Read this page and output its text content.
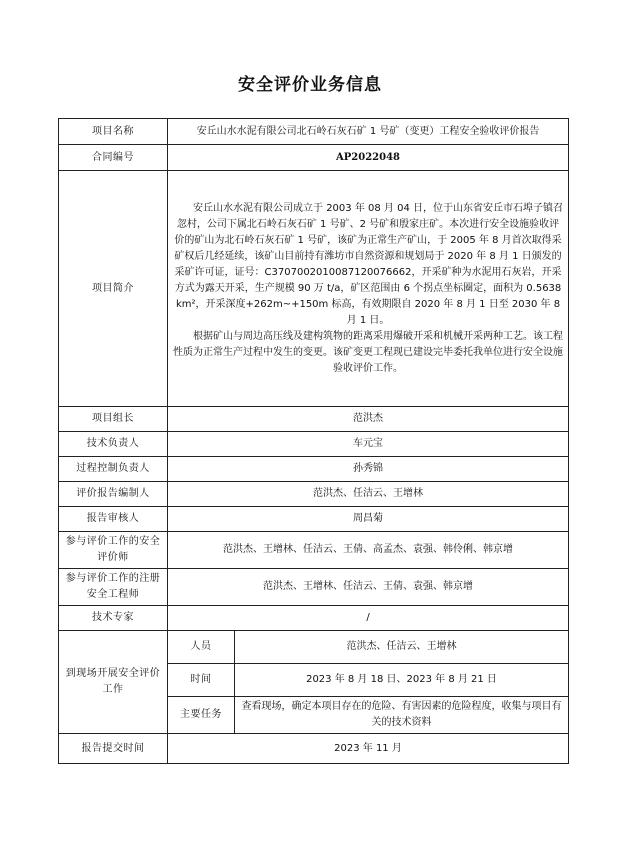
安全评价业务信息
项目名称	安丘山水水泥有限公司北石岭石灰石矿 1 号矿（变更）工程安全验收评价报告	
合同编号	AP2022048	
项目简介	安丘山水水泥有限公司成立于 2003 年 08 月 04 日，位于山东省安丘市石埠子镇召忽村，公司下属北石岭石灰石矿 1 号矿、2 号矿和殷家庄矿。本次进行安全设施验收评价的矿山为北石岭石灰石矿 1 号矿，该矿为正常生产矿山，于 2005 年 8 月首次取得采矿权后几经延续，该矿山目前持有潍坊市自然资源和规划局于 2020 年 8 月 1 日颁发的采矿许可证，证号：C3707002010087120076662，开采矿种为水泥用石灰岩，开采方式为露天开采，生产规模 90 万 t/a，矿区范围由 6 个拐点坐标圈定，面积为 0.5638km²，开采深度+262m~+150m 标高，有效期限自 2020 年 8 月 1 日至 2030 年 8 月 1 日。

根据矿山与周边高压线及建构筑物的距离采用爆破开采和机械开采两种工艺。该工程性质为正常生产过程中发生的变更。该矿变更工程现已建设完毕委托我单位进行安全设施验收评价工作。	

项目组长	范洪杰	
技术负责人	车元宝	
过程控制负责人	孙秀锦	
评价报告编制人	范洪杰、任洁云、王增林	
报告审核人	周昌菊	
参与评价工作的安全评价师	范洪杰、王增林、任洁云、王倩、高孟杰、袁强、韩伶俐、韩京增	
参与评价工作的注册安全工程师	范洪杰、王增林、任洁云、王倩、袁强、韩京增	
技术专家	/	
到现场开展安全评价工作	人员	范洪杰、任洁云、王增林
	时间	2023 年 8 月 18 日、2023 年 8 月 21 日
	主要任务	查看现场，确定本项目存在的危险、有害因素的危险程度，收集与项目有关的技术资料
报告提交时间	2023 年 11 月	
